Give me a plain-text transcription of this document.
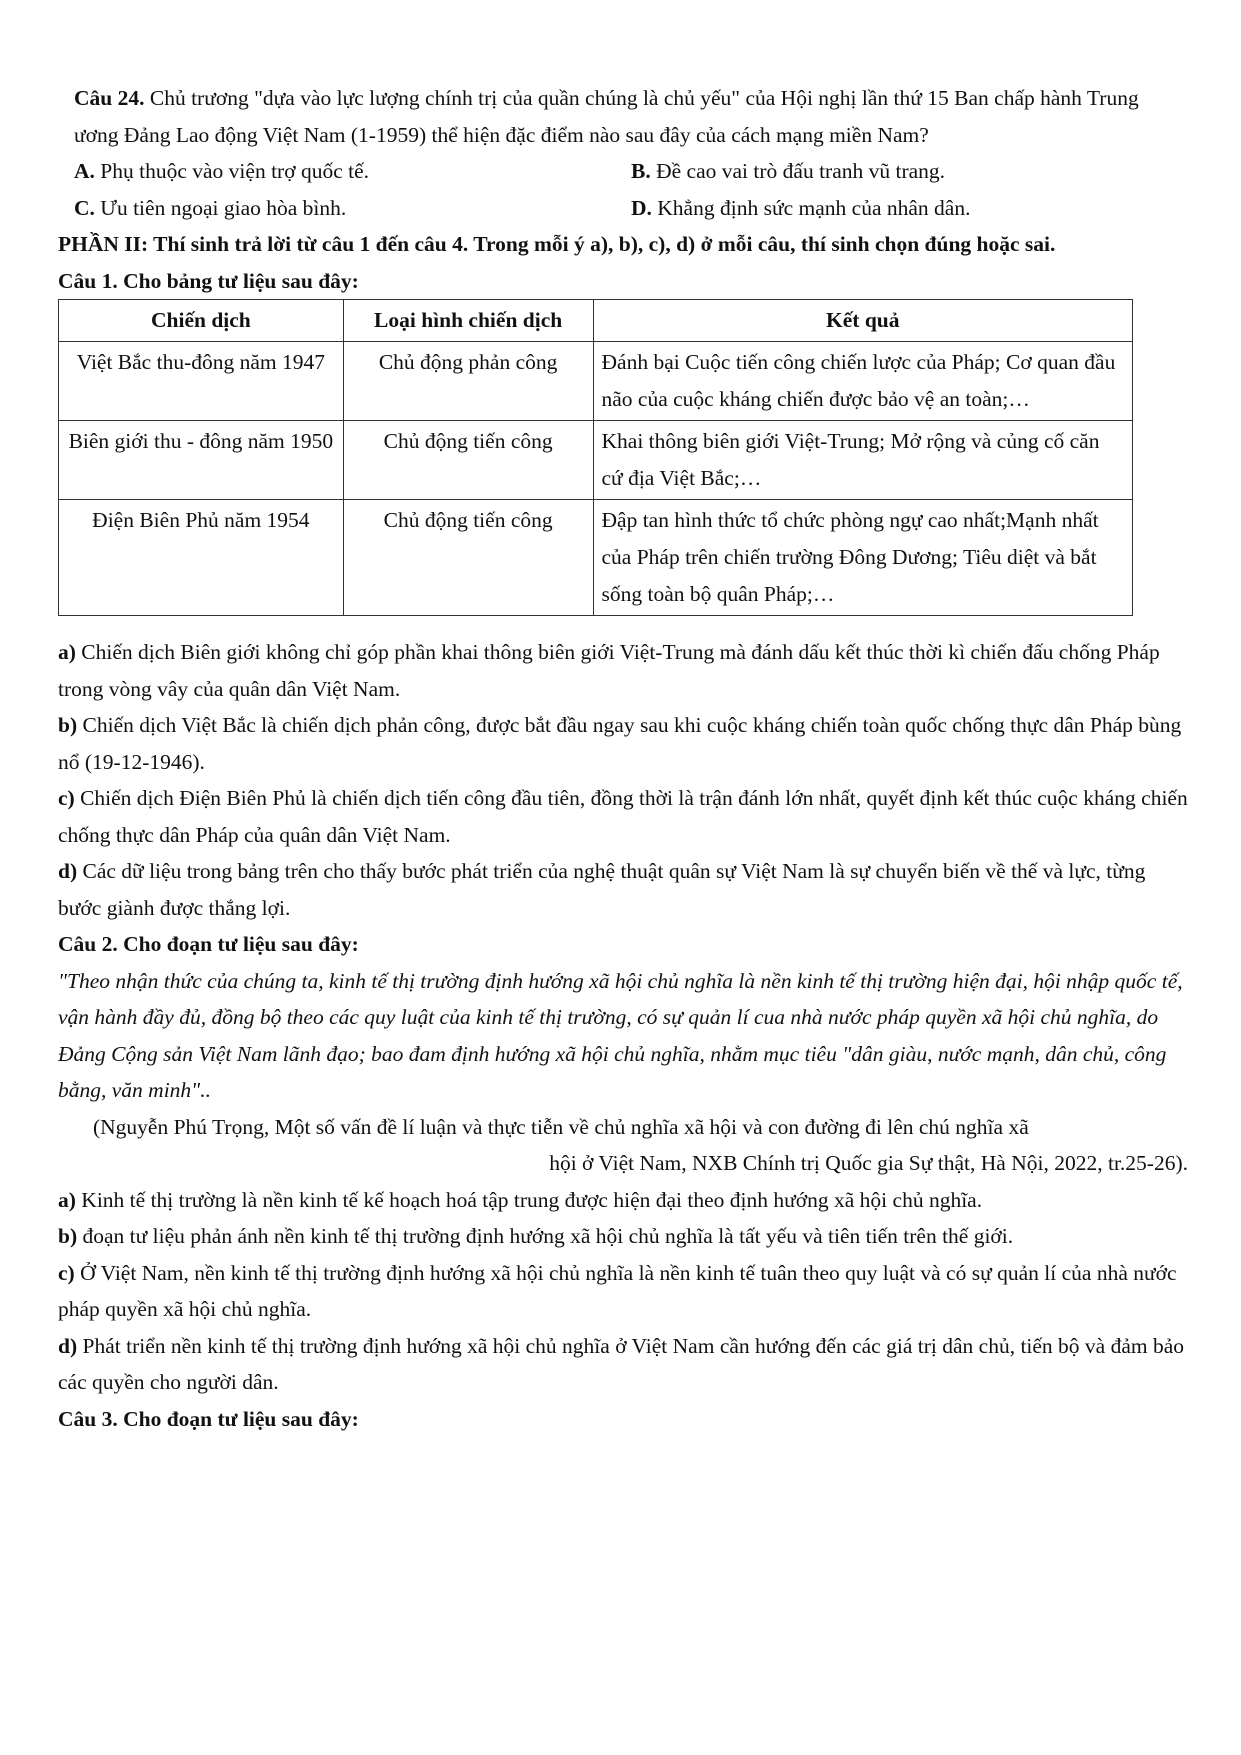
Câu 24. Chủ trương "dựa vào lực lượng chính trị của quần chúng là chủ yếu" của Hội nghị lần thứ 15 Ban chấp hành Trung ương Đảng Lao động Việt Nam (1-1959) thể hiện đặc điểm nào sau đây của cách mạng miền Nam?

A. Phụ thuộc vào viện trợ quốc tế.	B. Đề cao vai trò đấu tranh vũ trang.
C. Ưu tiên ngoại giao hòa bình.	D. Khẳng định sức mạnh của nhân dân.

PHẦN II: Thí sinh trả lời từ câu 1 đến câu 4. Trong mỗi ý a), b), c), d) ở mỗi câu, thí sinh chọn đúng hoặc sai.

Câu 1. Cho bảng tư liệu sau đây:

Chiến dịch	Loại hình chiến dịch	Kết quả
Việt Bắc thu-đông năm 1947	Chủ động phản công	Đánh bại Cuộc tiến công chiến lược của Pháp; Cơ quan đầu não của cuộc kháng chiến được bảo vệ an toàn;…
Biên giới thu - đông năm 1950	Chủ động tiến công	Khai thông biên giới Việt-Trung; Mở rộng và củng cố căn cứ địa Việt Bắc;…
Điện Biên Phủ năm 1954	Chủ động tiến công	Đập tan hình thức tổ chức phòng ngự cao nhất;Mạnh nhất của Pháp trên chiến trường Đông Dương; Tiêu diệt và bắt sống toàn bộ quân Pháp;…

a) Chiến dịch Biên giới không chỉ góp phần khai thông biên giới Việt-Trung mà đánh dấu kết thúc thời kì chiến đấu chống Pháp trong vòng vây của quân dân Việt Nam.

b) Chiến dịch Việt Bắc là chiến dịch phản công, được bắt đầu ngay sau khi cuộc kháng chiến toàn quốc chống thực dân Pháp bùng nổ (19-12-1946).

c) Chiến dịch Điện Biên Phủ là chiến dịch tiến công đầu tiên, đồng thời là trận đánh lớn nhất, quyết định kết thúc cuộc kháng chiến chống thực dân Pháp của quân dân Việt Nam.

d) Các dữ liệu trong bảng trên cho thấy bước phát triển của nghệ thuật quân sự Việt Nam là sự chuyển biến về thế và lực, từng bước giành được thắng lợi.

Câu 2. Cho đoạn tư liệu sau đây:

"Theo nhận thức của chúng ta, kinh tế thị trường định hướng xã hội chủ nghĩa là nền kinh tế thị trường hiện đại, hội nhập quốc tế, vận hành đầy đủ, đồng bộ theo các quy luật của kinh tế thị trường, có sự quản lí cua nhà nước pháp quyền xã hội chủ nghĩa, do Đảng Cộng sản Việt Nam lãnh đạo; bao đam định hướng xã hội chủ nghĩa, nhằm mục tiêu "dân giàu, nước mạnh, dân chủ, công bằng, văn minh"..

(Nguyễn Phú Trọng, Một số vấn đề lí luận và thực tiễn về chủ nghĩa xã hội và con đường đi lên chú nghĩa xã
hội ở Việt Nam, NXB Chính trị Quốc gia Sự thật, Hà Nội, 2022, tr.25-26).

a) Kinh tế thị trường là nền kinh tế kế hoạch hoá tập trung được hiện đại theo định hướng xã hội chủ nghĩa.

b) đoạn tư liệu phản ánh nền kinh tế thị trường định hướng xã hội chủ nghĩa là tất yếu và tiên tiến trên thế giới.

c) Ở Việt Nam, nền kinh tế thị trường định hướng xã hội chủ nghĩa là nền kinh tế tuân theo quy luật và có sự quản lí của nhà nước pháp quyền xã hội chủ nghĩa.

d) Phát triển nền kinh tế thị trường định hướng xã hội chủ nghĩa ở Việt Nam cần hướng đến các giá trị dân chủ, tiến bộ và đảm bảo các quyền cho người dân.

Câu 3. Cho đoạn tư liệu sau đây:
